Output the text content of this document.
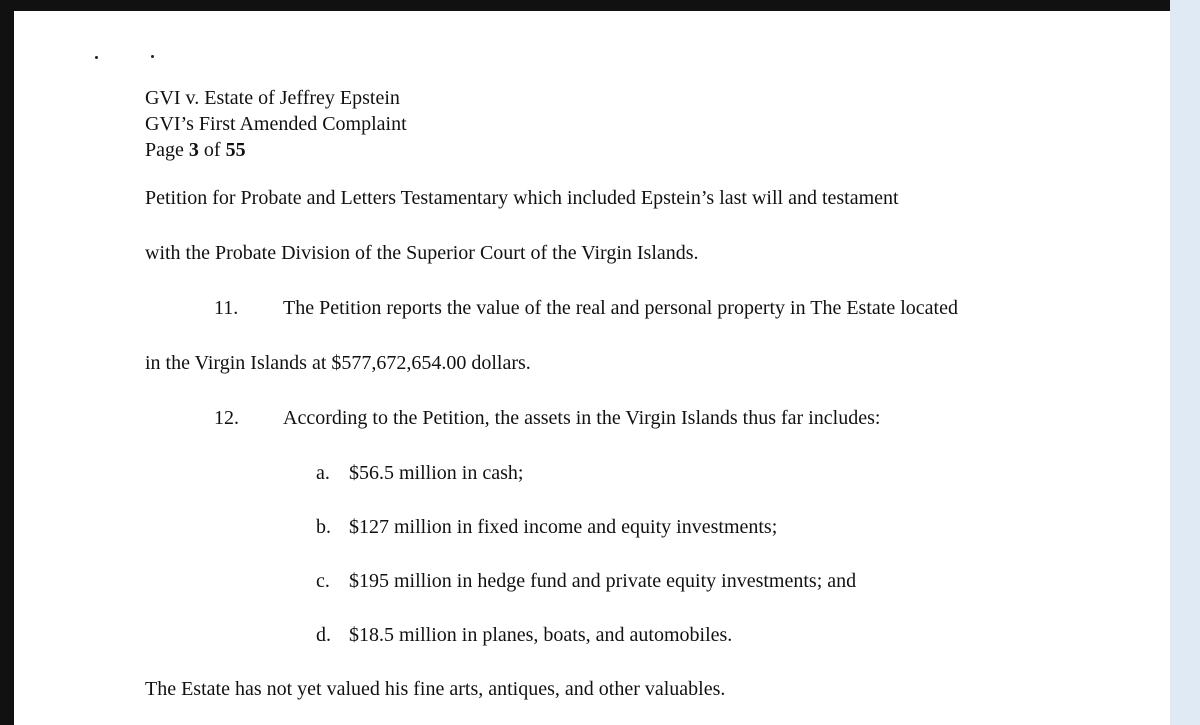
GVI v. Estate of Jeffrey Epstein
GVI’s First Amended Complaint
Page 3 of 55
Petition for Probate and Letters Testamentary which included Epstein’s last will and testament
with the Probate Division of the Superior Court of the Virgin Islands.
11. The Petition reports the value of the real and personal property in The Estate located
in the Virgin Islands at $577,672,654.00 dollars.
12. According to the Petition, the assets in the Virgin Islands thus far includes:
a. $56.5 million in cash;
b. $127 million in fixed income and equity investments;
c. $195 million in hedge fund and private equity investments; and
d. $18.5 million in planes, boats, and automobiles.
The Estate has not yet valued his fine arts, antiques, and other valuables.
